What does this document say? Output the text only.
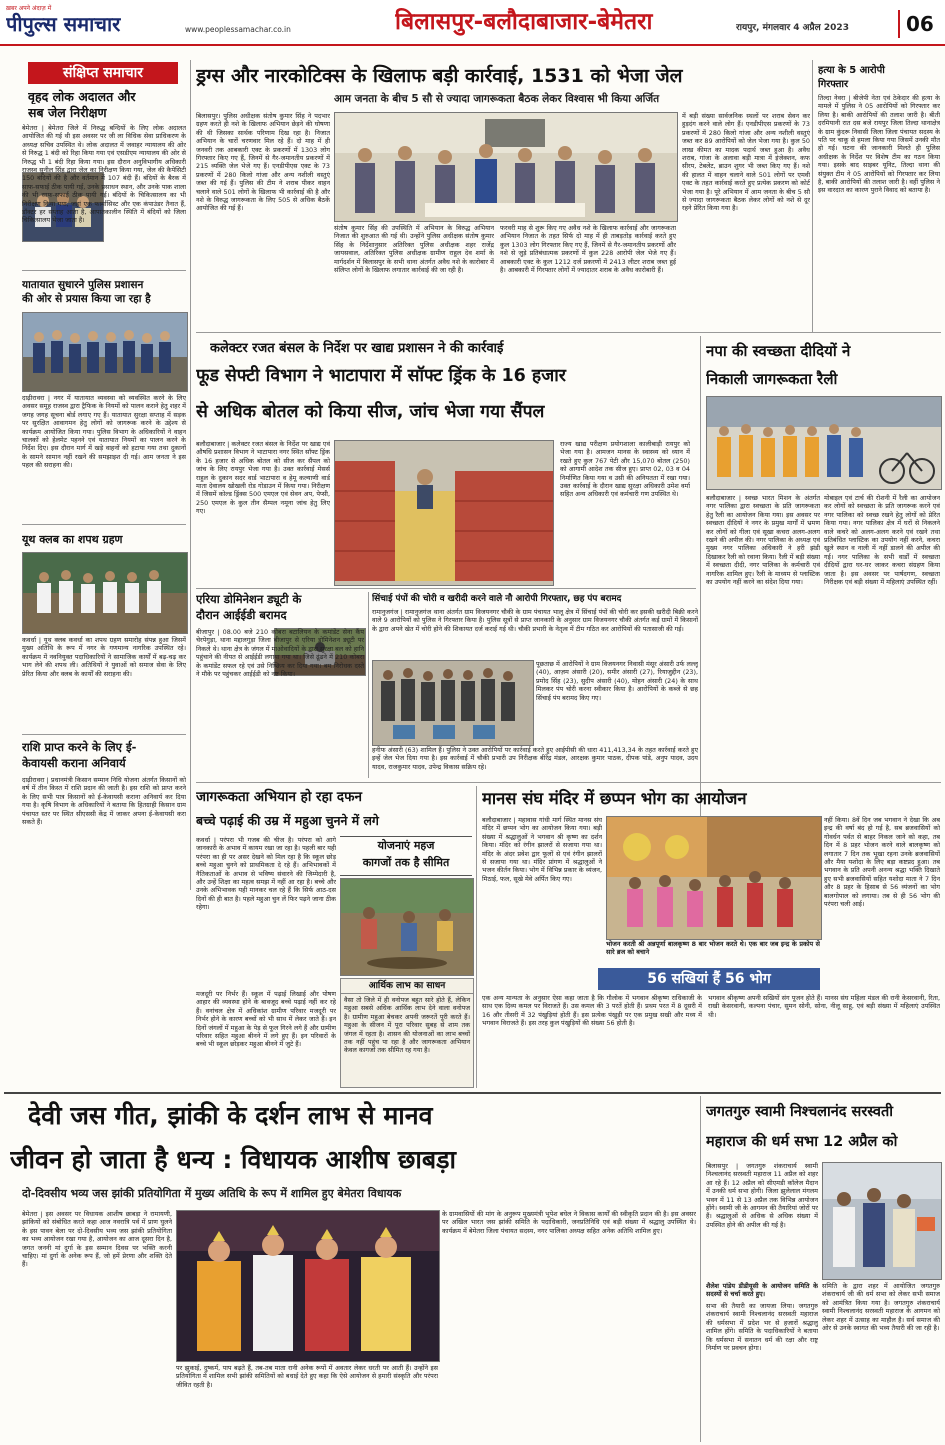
ख़बर अपने अंदाज़ में
पीपुल्स समाचार	www.peoplessamachar.co.in	बिलासपुर-बलौदाबाजार-बेमेतरा	रायपुर, मंगलवार 4 अप्रैल 2023	06
संक्षिप्त समाचार
वृहद लोक अदालत और
सब जेल निरीक्षण
बेमेतरा | बेमेतरा जिले में निरुद्ध बन्दियों के लिए लोक अदालत आयोजित की गई थी इस अवसर पर जी ला विधिक सेवा प्राधिकरण के अध्यक्ष सचिव उपस्थित थे। लोक अदालत में जवाहर न्यायालय की ओर से निरुद्ध 1 बंदी को रिहा किया गया एवं एसडीएम न्यायालय की ओर से निरुद्ध भी 1 बंदी रिहा किया गया। इस दौरान अनुविभागीय अधिकारी राजस्व सुनील सिंह द्वारा जेल का निरीक्षण किया गया, जेल की कैपेसिटी 150 बंदियों की है और वर्तमान में 107 बंदी हैं। बंदियों के बैरक में साफ-सफाई ठीक पायी गई, उनके प्रसाधन स्थान, और उनके पाक शाला की भी साफ-सफाई ठीक पायी गई। बंदियों के चिकित्सालय का भी निरीक्षण किया गया, जहां एक फार्मासिस्ट और एक कंपाउंडर तैनात हैं, डॉक्टर हर सप्ताह आता है, आपातकालीन स्थिति में बंदियों को जिला चिकित्सालय भेजा जाता है।
यातायात सुधारने पुलिस प्रशासन
की ओर से प्रयास किया जा रहा है
दाढ़ीरावरा | नगर में यातायात व्यवस्था को व्यवस्थित करने के लिए अवसर समूह राजस्व द्वारा ट्रैफिक के नियमों को पालन कराने हेतु शहर में जगह जगह सूचना बोर्ड लगाए गए हैं। यातायात सुरक्षा सप्ताह में सड़क पर सुरक्षित आवागमन हेतु लोगों को जागरूक करने के उद्देश्य से कार्यक्रम आयोजित किया गया। पुलिस विभाग के अधिकारियों ने वाहन चालकों को हेलमेट पहनने एवं यातायात नियमों का पालन करने के निर्देश दिए। इस दौरान मार्ग में खड़े वाहनों को हटाया गया तथा दुकानों के सामने सामान नहीं रखने की समझाइश दी गई। आम जनता ने इस पहल की सराहना की।
यूथ क्लब का शपथ ग्रहण
कवर्धा | यूथ क्लब कवर्धा का शपथ ग्रहण समारोह संपन्न हुआ जिसमें मुख्य अतिथि के रूप में नगर के गणमान्य नागरिक उपस्थित रहे। कार्यक्रम में नवनियुक्त पदाधिकारियों ने सामाजिक कार्यों में बढ़-चढ़ कर भाग लेने की शपथ ली। अतिथियों ने युवाओं को समाज सेवा के लिए प्रेरित किया और क्लब के कार्यों की सराहना की।
राशि प्राप्त करने के लिए ई-
केवायसी कराना अनिवार्य
दाढ़ीरावरा | प्रधानमंत्री किसान सम्मान निधि योजना अंतर्गत किसानों को वर्ष में तीन किस्त में राशि प्रदान की जाती है। इस राशि को प्राप्त करने के लिए सभी पात्र किसानों को ई-केवायसी कराना अनिवार्य कर दिया गया है। कृषि विभाग के अधिकारियों ने बताया कि हितग्राही किसान ग्राम पंचायत स्तर पर स्थित सीएससी केंद्र में जाकर अपना ई-केवायसी करा सकते हैं।
ड्रग्स और नारकोटिक्स के खिलाफ बड़ी कार्रवाई, 1531 को भेजा जेल
आम जनता के बीच 5 सौ से ज्यादा जागरूकता बैठक लेकर विश्वास भी किया अर्जित
बिलासपुर। पुलिस अधीक्षक संतोष कुमार सिंह ने पदभार ग्रहण करते ही नशे के खिलाफ अभियान छेड़ने की घोषणा की थी जिसका सार्थक परिणाम दिख रहा है। निजात अभियान के चारों चरणवार मिल रहे हैं। दो माह में ही जनवरी तक आबकारी एक्ट के प्रकरणों में 1303 लोग गिरफ्तार किए गए हैं, जिनमें से गैर-जमानतीय प्रकरणों में 215 व्यक्ति जेल भेजे गए हैं। एनडीपीएस एक्ट के 73 प्रकरणों में 280 किलो गांजा और अन्य नशीली वस्तुएं जब्त की गई हैं। पुलिस की टीम ने शराब पीकर वाहन चलाने वाले 501 लोगों के खिलाफ भी कार्रवाई की है और नशे के विरुद्ध जागरूकता के लिए 505 से अधिक बैठकें आयोजित की गई हैं।
संतोष कुमार सिंह की उपस्थिति में अभियान के विरुद्ध अभियान निजात की शुरुआत की गई थी। उन्होंने पुलिस अधीक्षक संतोष कुमार सिंह के निर्देशानुसार अतिरिक्त पुलिस अधीक्षक शहर राजेंद्र जायसवाल, अतिरिक्त पुलिस अधीक्षक ग्रामीण राहुल देव शर्मा के मार्गदर्शन में बिलासपुर के सभी थाना अंतर्गत अवैध नशे के कारोबार में संलिप्त लोगों के खिलाफ लगातार कार्रवाई की जा रही है।
फरवरी माह से शुरू किए गए अवैध नशे के खिलाफ कार्रवाई और जागरूकता अभियान निजात के तहत सिर्फ दो माह में ही ताबड़तोड़ कार्रवाई करते हुए कुल 1303 लोग गिरफ्तार किए गए हैं, जिनमें से गैर-जमानतीय प्रकरणों और नशे से जुड़े प्रतिबंधात्मक प्रकरणों में कुल 228 आरोपी जेल भेजे गए हैं। आबकारी एक्ट के कुल 1212 दर्ज प्रकरणों में 2413 लीटर शराब जब्त हुई है। आबकारी में गिरफ्तार लोगों में ज्यादातर शराब के अवैध कारोबारी हैं।
में बड़ी संख्या सार्वजनिक स्थलों पर शराब सेवन कर हुड़दंग करने वाले लोग हैं। एनडीपीएस प्रकरणों के 73 प्रकरणों में 280 किलो गांजा और अन्य नशीली वस्तुएं जब्त कर 89 आरोपियों को जेल भेजा गया है। कुल 50 लाख कीमत का मादक पदार्थ जब्त हुआ है। अवैध शराब, गांजा के अलावा बड़ी मात्रा में इंजेक्शन, कफ सीरप, टेबलेट, ब्राउन शुगर भी जब्त किए गए हैं। नशे की हालत में वाहन चलाने वाले 501 लोगों पर एमवी एक्ट के तहत कार्रवाई करते हुए प्रत्येक प्रकरण को कोर्ट भेजा गया है। पूरे अभियान में आम जनता के बीच 5 सौ से ज्यादा जागरूकता बैठक लेकर लोगों को नशे से दूर रहने प्रेरित किया गया है।
हत्या के 5 आरोपी
गिरफ्तार
तिल्दा नेवरा | बीजेपी नेता एवं ठेकेदार की हत्या के मामले में पुलिस ने 05 आरोपियों को गिरफ्तार कर लिया है। बाकी आरोपियों की तलाश जारी है। बीती दरमियानी रात दस बजे रायपुर जिला तिल्दा थानाक्षेत्र के ग्राम कुंदरू निवासी जिला जिला पंचायत सदस्य के पति पर चाकू से हमला किया गया जिसमें उनकी मौत हो गई। घटना की जानकारी मिलते ही पुलिस अधीक्षक के निर्देश पर विशेष टीम का गठन किया गया। इसके बाद साइबर यूनिट, तिल्दा थाना की संयुक्त टीम ने 05 आरोपियों को गिरफ्तार कर लिया है, बाकी आरोपियों की तलाश जारी है। वहीं पुलिस ने इस वारदात का कारण पुराने विवाद को बताया है।
कलेक्टर रजत बंसल के निर्देश पर खाद्य प्रशासन ने की कार्रवाई
फूड सेफ्टी विभाग ने भाटापारा में सॉफ्ट ड्रिंक के 16 हजार
से अधिक बोतल को किया सीज, जांच भेजा गया सैंपल
बलौदाबाजार | कलेक्टर रजत बंसल के निर्देश पर खाद्य एवं औषधि प्रशासन विभाग ने भाटापारा नगर स्थित सॉफ्ट ड्रिंक के 16 हजार से अधिक बोतल को सीज कर सैंपल को जांच के लिए रायपुर भेजा गया है। उक्त कार्रवाई मेसर्स राहुल के दुकान सदर वार्ड भाटापारा व हेमू कल्याणी वार्ड माता देवालय खोखली रोड गोडाउन में किया गया। निरीक्षण में जिसमें कोल्ड ड्रिंक्स 500 एमएल एवं सेवन अप, पेप्सी, 250 एमएल के कुल तीन सैम्पल नमूना जांच हेतु लिए गए।
राज्य खाद्य परीक्षण प्रयोगशाला कालीबाड़ी रायपुर को भेजा गया है। आमजन मानस के स्वास्थ्य को ध्यान में रखते हुए कुल 767 पेटी और 15,070 बोतल (250) को आगामी आदेश तक सीज हुए। प्राप्त 02, 03 व 04 निर्माणित किया गया व उसी की अनियतता में रखा गया। उक्त कार्रवाई के दौरान खाद्य सुरक्षा अधिकारी उमेश वर्मा सहित अन्य अधिकारी एवं कर्मचारी गण उपस्थित थे।
नपा की स्वच्छता दीदियों ने
निकाली जागरूकता रैली
बलौदाबाजार | स्वच्छ भारत मिशन के अंतर्गत नगर पालिका द्वारा स्वच्छता के प्रति जागरूकता हेतु रैली का आयोजन किया गया। इस अवसर पर स्वच्छता दीदियों ने नगर के प्रमुख मार्गों में भ्रमण कर लोगों को गीला एवं सूखा कचरा अलग-अलग रखने की अपील की। नगर पालिका के अध्यक्ष एवं मुख्य नगर पालिका अधिकारी ने हरी झंडी दिखाकर रैली को रवाना किया। रैली में बड़ी संख्या में स्वच्छता दीदी, नगर पालिका के कर्मचारी एवं नागरिक शामिल हुए। रैली के माध्यम से प्लास्टिक का उपयोग नहीं करने का संदेश दिया गया।
मोबाइल एवं टार्च की रोशनी में रैली का आयोजन कर लोगों को स्वच्छता के प्रति जागरूक करने एवं नगर पालिका को स्वच्छ रखने हेतु लोगों को प्रेरित किया गया। नगर पालिका क्षेत्र में घरों से निकलने वाले कचरे को अलग-अलग करने एवं रखने तथा प्रतिबंधित प्लास्टिक का उपयोग नहीं करने, कचरा खुले स्थान व नाली में नहीं डालने की अपील की गई। नगर पालिका के सभी वार्डों में स्वच्छता दीदियों द्वारा घर-घर जाकर कचरा संग्रहण किया जाता है। इस अवसर पर पार्षदगण, स्वच्छता निरीक्षक एवं बड़ी संख्या में महिलाएं उपस्थित रहीं।
एरिया डोमिनेशन ड्यूटी के
दौरान आईईडी बरामद
बीजापुर | 08.00 बजे 210 कोबरा बटालियन के कमांडेंट सेना कैंप चेरपेगुड़ा, थाना मद्दालगुड़ा जिला बीजापुर से एरिया डोमिनेशन ड्यूटी पर निकले थे। थाना क्षेत्र के जंगल में माओवादियों के द्वारा सुरक्षा बल को हानि पहुंचाने की नीयत से आईईडी लगाया गया था। जिसे ढूंढने में 210 कोबरा के कमांडेंट सफल रहे एवं उसे निष्क्रिय कर दिया गया। बम निरोधक दस्ते ने मौके पर पहुंचकर आईईडी को नष्ट किया।
सिंचाई पंपों की चोरी व खरीदी करने वाले नौ आरोपी गिरफ्तार, छह पंप बरामद
रामानुजगंज | रामानुजगंज थाना अंतर्गत ग्राम विजयनगर चौकी के ग्राम पंचायत भालू क्षेत्र में सिंचाई पंपों की चोरी कर इसकी खरीदी बिक्री करने वाले 9 आरोपियों को पुलिस ने गिरफ्तार किया है। पुलिस सूत्रों से प्राप्त जानकारी के अनुसार ग्राम विजयनगर चौकी अंतर्गत कई ग्रामों में किसानों के द्वारा अपने खेत में चोरी होने की शिकायत दर्ज कराई गई थी। चौकी प्रभारी के नेतृत्व में टीम गठित कर आरोपियों की पतासाजी की गई।
पूछताछ में आरोपियों ने ग्राम विजयनगर निवासी मंसूर अंसारी उर्फ लल्लू (40), आज़म अंसारी (20), समीर अंसारी (27), रियाजुद्दीन (23), प्रमोद सिंह (23), सुदीप अंसारी (40), मोहन अंसारी (24) के साथ मिलकर पंप चोरी करना स्वीकार किया है। आरोपियों के कब्जे से छह सिंचाई पंप बरामद किए गए।
हनीफ अंसारी (63) शामिल हैं। पुलिस ने उक्त आरोपियों पर कार्रवाई करते हुए आईपीसी की धारा 411,413,34 के तहत कार्रवाई करते हुए इन्हें जेल भेज दिया गया है। इस कार्रवाई में चौकी प्रभारी उप निरीक्षक बीरेंद्र मंडल, आरक्षक कुमार पाठक, दीपक पांडे, अनुप यादव, उदय यादव, राजकुमार यादव, उपेन्द्र विकास सक्रिय रहे।
जागरूकता अभियान हो रहा दफन
बच्चे पढ़ाई की उम्र में महुआ चुनने में लगे
कवर्धा | परंपरा भी गजब की चीज है। परंपरा को आगे जानकारी के अभाव में कायम रखा जा रहा है। पहली बार यही परंपरा का ही पर असर देखने को मिल रहा है कि स्कूल छोड़ बच्चे महुआ चुनने को प्राथमिकता दे रहे हैं। अभिभावकों में नैतिकताओं के अभाव से भविष्य संवारने की जिम्मेदारी है, और उन्हें शिक्षा का महत्व समझ में नहीं आ रहा है। बच्चे और उनके अभिभावक यही मानकर चल रहे हैं कि सिर्फ आठ-दस दिनों की ही बात है। पहले महुआ चुन लें फिर पढ़ने जाना ठीक रहेगा।
योजनाएं महज
कागजों तक है सीमित
मजदूरी पर निर्भर हैं। स्कूल में पढ़ाई लिखाई और पोषण आहार की व्यवस्था होने के बावजूद बच्चे पढ़ाई नहीं कर रहे हैं। वनांचल क्षेत्र में अधिकांश ग्रामीण परिवार मजदूरी पर निर्भर होने के कारण बच्चों को भी साथ में लेकर जाते हैं। इन दिनों जंगलों में महुआ के पेड़ से फूल गिरने लगे हैं और ग्रामीण परिवार सहित महुआ बीनने में लगे हुए हैं। इन परिवारों के बच्चे भी स्कूल छोड़कर महुआ बीनने में जुटे हैं।
आर्थिक लाभ का साधन
वैसा तो जिले में ही वनोपज बहुत सारे होते हैं, लेकिन महुआ सबसे अधिक आर्थिक लाभ देने वाला वनोपज है। ग्रामीण महुआ बेचकर अपनी जरूरतें पूरी करते हैं। महुआ के सीजन में पूरा परिवार सुबह से शाम तक जंगल में रहता है। शासन की योजनाओं का लाभ बच्चों तक नहीं पहुंच पा रहा है और जागरूकता अभियान केवल कागजों तक सीमित रह गया है।
मानस संघ मंदिर में छप्पन भोग का आयोजन
बलौदाबाजार | महावास गांधी मार्ग स्थित मानस संघ मंदिर में छप्पन भोग का आयोजन किया गया। बड़ी संख्या में श्रद्धालुओं ने भगवान श्री कृष्ण का दर्शन किया। मंदिर को रंगीन झालरों से सजाया गया था। मंदिर के अंदर प्रवेश द्वार फूलों से एवं रंगीन झालरों से सजाया गया था। मंदिर प्रांगण में श्रद्धालुओं ने भजन कीर्तन किया। भोग में विभिन्न प्रकार के व्यंजन, मिठाई, फल, सूखे मेवे अर्पित किए गए।
भोजन करती श्री अन्नपूर्णा बालकृष्ण 8 बार भोजन करते थे। एक बार जब इन्द्र के प्रकोप से सारे ब्रज को बचाने
नहीं किया। 8वें दिन जब भगवान ने देखा कि अब इन्द्र की वर्षा बंद हो गई है, सब ब्रजवासियों को गोवर्धन पर्वत से बाहर निकल जाने को कहा, तब दिन में 8 प्रहर भोजन करने वाले बालकृष्ण को लगातार 7 दिन तक भूखा रहना उनके ब्रजवासियों और मैया यशोदा के लिए बड़ा कष्टप्रद हुआ। तब भगवान के प्रति अपनी अनन्य श्रद्धा भक्ति दिखाते हुए सभी ब्रजवासियों सहित यशोदा माता ने 7 दिन और 8 प्रहर के हिसाब से 56 व्यंजनों का भोग बालगोपाल को लगाया। तब से ही 56 भोग की परंपरा चली आई।
56 सखियां हैं 56 भोग
एक अन्य मान्यता के अनुसार ऐसा कहा जाता है कि गौलोक में भगवान श्रीकृष्ण राधिकाजी के साथ एक दिव्य कमल पर विराजते हैं। उस कमल की 3 परतें होती हैं। प्रथम परत में 8 दूसरी में 16 और तीसरी में 32 पंखुड़ियां होती हैं। इस प्रत्येक पंखुड़ी पर एक प्रमुख सखी और मध्य में भगवान विराजते हैं। इस तरह कुल पंखुड़ियों की संख्या 56 होती है।
भगवान श्रीकृष्ण अपनी सखियों संग पूजन होते हैं। मानस संघ महिला मंडल की रानी केसरवानी, रिता, राखी केसरवानी, कल्पना पंचार, सुमन सोनी, सोना, नीलू साहू, एवं बड़ी संख्या में महिलाएं उपस्थित थी।
देवी जस गीत, झांकी के दर्शन लाभ से मानव
जीवन हो जाता है धन्य : विधायक आशीष छाबड़ा
दो-दिवसीय भव्य जस झांकी प्रतियोगिता में मुख्य अतिथि के रूप में शामिल हुए बेमेतरा विधायक
बेमेतरा | इस अवसर पर विधायक आशीष छाबड़ा ने रामायणी, झांकियों को संबोधित करते कहा आज नवरात्रि पर्व में प्राण घुलने के इस पावन बेला पर दो-दिवसीय भव्य जस झांकी प्रतियोगिता का भव्य आयोजन रखा गया है, आयोजन का आज दूसरा दिन है, जगत जननी मां दुर्गा के इस सम्मान दिवस पर भक्ति करनी चाहिए। मां दुर्गा के अनेक रूप हैं, जो हमें प्रेरणा और शक्ति देते हैं।
पर झुकाई, दुष्कर्म, पाप बढ़ते हैं, तब-तब माता रानी अनेक रूपों में अवतार लेकर धरती पर आती हैं। उन्होंने इस प्रतियोगिता में शामिल सभी झांकी समितियों को बधाई देते हुए कहा कि ऐसे आयोजन से हमारी संस्कृति और परंपरा जीवित रहती है।
के ग्रामवासियों की मांग के अनुरूप मुख्यमंत्री भूपेश बघेल ने विकास कार्यों की स्वीकृति प्रदान की है। इस अवसर पर अखिल भारत जस झांकी समिति के पदाधिकारी, जनप्रतिनिधि एवं बड़ी संख्या में श्रद्धालु उपस्थित थे। कार्यक्रम में बेमेतरा जिला पंचायत सदस्य, नगर पालिका अध्यक्ष सहित अनेक अतिथि शामिल हुए।
जगतगुरु स्वामी निश्चलानंद सरस्वती
महाराज की धर्म सभा 12 अप्रैल को
बिलासपुर | जगतगुरु शंकराचार्य स्वामी निश्चलानंद सरस्वती महाराज 11 अप्रैल को शहर आ रहे हैं। 12 अप्रैल को सीएमडी कॉलेज मैदान में उनकी धर्म सभा होगी। जिला झुलेलाल मंगलम भवन में 11 से 13 अप्रैल तक विभिन्न आयोजन होंगे। स्वामी जी के आगमन की तैयारियां जोरों पर हैं। श्रद्धालुओं से अधिक से अधिक संख्या में उपस्थित होने की अपील की गई है।
शैलेश पांडेय डीडीयूसी के आयोजन समिति के सदस्यों से चर्चा करते हुए।
सभा की तैयारी का जायजा लिया। जगतगुरु शंकराचार्य स्वामी निश्चलानंद सरस्वती महाराज की धर्मसभा में प्रदेश भर से हजारों श्रद्धालु शामिल होंगे। समिति के पदाधिकारियों ने बताया कि धर्मसभा में सनातन धर्म की रक्षा और राष्ट्र निर्माण पर प्रवचन होगा।
समिति के द्वारा शहर में आयोजित जगतगुरु शंकराचार्य जी की धर्म सभा को लेकर सभी समाज को आमंत्रित किया गया है। जगतगुरु शंकराचार्य स्वामी निश्चलानंद सरस्वती महाराज के आगमन को लेकर शहर में उत्साह का माहौल है। सर्व समाज की ओर से उनके स्वागत की भव्य तैयारी की जा रही है।
